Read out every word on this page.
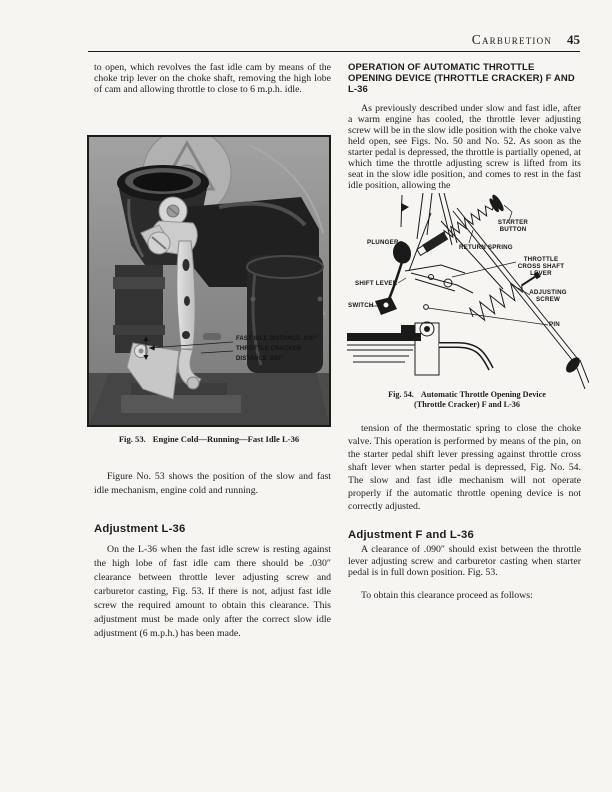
Carburetion 45

to open, which revolves the fast idle cam by means of the choke trip lever on the choke shaft, removing the high lobe of cam and allowing throttle to close to 6 m.p.h. idle.

FAST IDLE DISTANCE .030″
THROTTLE CRACKER
DISTANCE .090″
Fig. 53. Engine Cold—Running—Fast Idle L-36

Figure No. 53 shows the position of the slow and fast idle mechanism, engine cold and running.

Adjustment L-36

On the L-36 when the fast idle screw is resting against the high lobe of fast idle cam there should be .030″ clearance between throttle lever adjusting screw and carburetor casting, Fig. 53. If there is not, adjust fast idle screw the required amount to obtain this clearance. This adjustment must be made only after the correct slow idle adjustment (6 m.p.h.) has been made.

OPERATION OF AUTOMATIC THROTTLE OPENING DEVICE (THROTTLE CRACKER) F AND L-36

As previously described under slow and fast idle, after a warm engine has cooled, the throttle lever adjusting screw will be in the slow idle position with the choke valve held open, see Figs. No. 50 and No. 52. As soon as the starter pedal is depressed, the throttle is partially opened, at which time the throttle adjusting screw is lifted from its seat in the slow idle position, and comes to rest in the fast idle position, allowing the

STARTER BUTTON
PLUNGER
RETURN SPRING
THROTTLE CROSS SHAFT LEVER
SHIFT LEVER
ADJUSTING SCREW
SWITCH
PIN
Fig. 54. Automatic Throttle Opening Device
(Throttle Cracker) F and L-36

tension of the thermostatic spring to close the choke valve. This operation is performed by means of the pin, on the starter pedal shift lever pressing against throttle cross shaft lever when starter pedal is depressed, Fig. No. 54. The slow and fast idle mechanism will not operate properly if the automatic throttle opening device is not correctly adjusted.

Adjustment F and L-36

A clearance of .090″ should exist between the throttle lever adjusting screw and carburetor casting when starter pedal is in full down position. Fig. 53.

To obtain this clearance proceed as follows:
